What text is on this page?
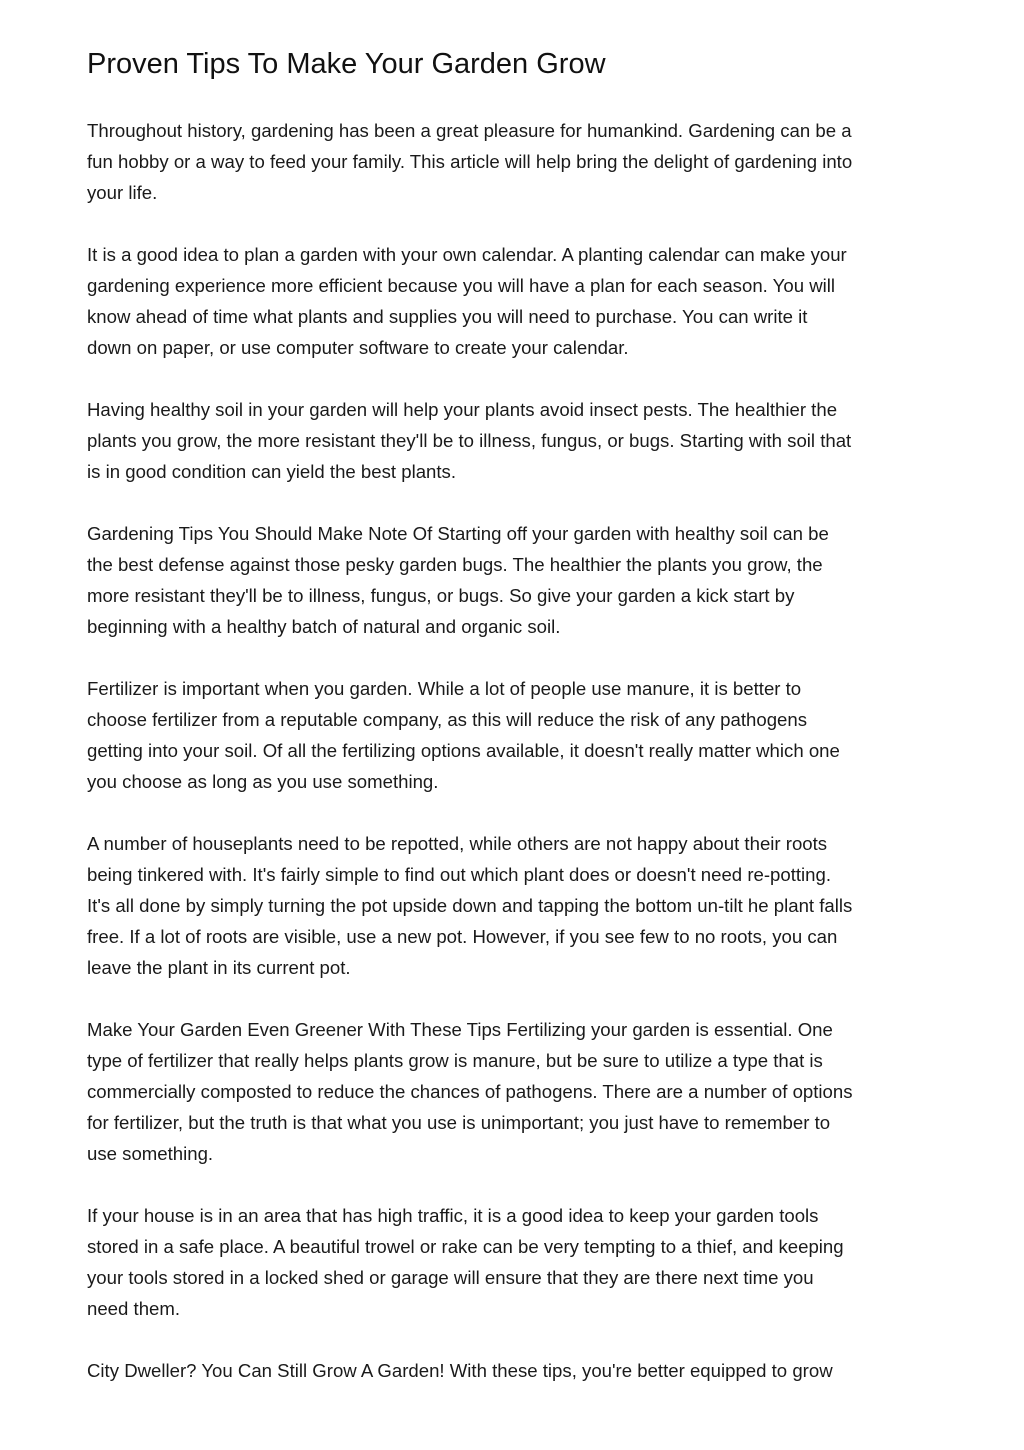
Proven Tips To Make Your Garden Grow

Throughout history, gardening has been a great pleasure for humankind. Gardening can be a
fun hobby or a way to feed your family. This article will help bring the delight of gardening into
your life.

It is a good idea to plan a garden with your own calendar. A planting calendar can make your
gardening experience more efficient because you will have a plan for each season. You will
know ahead of time what plants and supplies you will need to purchase. You can write it
down on paper, or use computer software to create your calendar.

Having healthy soil in your garden will help your plants avoid insect pests. The healthier the
plants you grow, the more resistant they'll be to illness, fungus, or bugs. Starting with soil that
is in good condition can yield the best plants.

Gardening Tips You Should Make Note Of Starting off your garden with healthy soil can be
the best defense against those pesky garden bugs. The healthier the plants you grow, the
more resistant they'll be to illness, fungus, or bugs. So give your garden a kick start by
beginning with a healthy batch of natural and organic soil.

Fertilizer is important when you garden. While a lot of people use manure, it is better to
choose fertilizer from a reputable company, as this will reduce the risk of any pathogens
getting into your soil. Of all the fertilizing options available, it doesn't really matter which one
you choose as long as you use something.

A number of houseplants need to be repotted, while others are not happy about their roots
being tinkered with. It's fairly simple to find out which plant does or doesn't need re-potting.
It's all done by simply turning the pot upside down and tapping the bottom un-tilt he plant falls
free. If a lot of roots are visible, use a new pot. However, if you see few to no roots, you can
leave the plant in its current pot.

Make Your Garden Even Greener With These Tips Fertilizing your garden is essential. One
type of fertilizer that really helps plants grow is manure, but be sure to utilize a type that is
commercially composted to reduce the chances of pathogens. There are a number of options
for fertilizer, but the truth is that what you use is unimportant; you just have to remember to
use something.

If your house is in an area that has high traffic, it is a good idea to keep your garden tools
stored in a safe place. A beautiful trowel or rake can be very tempting to a thief, and keeping
your tools stored in a locked shed or garage will ensure that they are there next time you
need them.

City Dweller? You Can Still Grow A Garden! With these tips, you're better equipped to grow
